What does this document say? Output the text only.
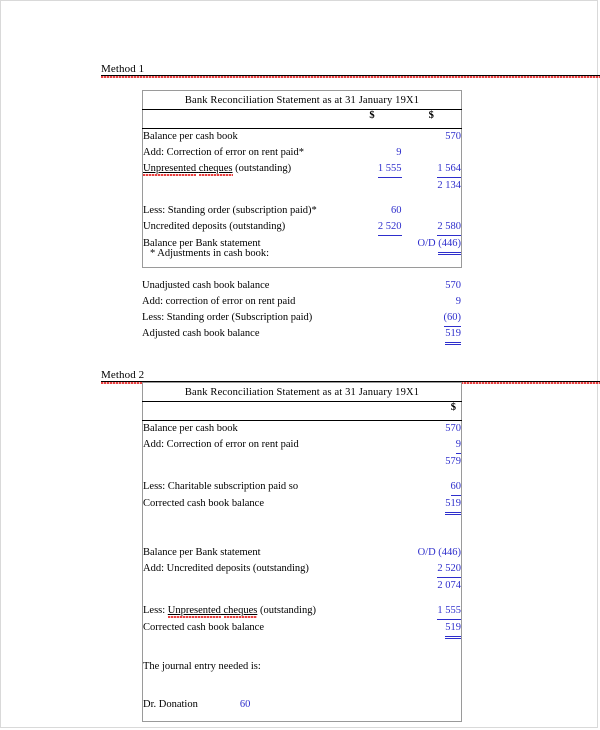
Method 1
Bank Reconciliation Statement as at 31 January 19X1		
	$	$
Balance per cash book		570
Add: Correction of error on rent paid*	9	
Unpresented cheques (outstanding)	1 555	1 564
		2 134

Less: Standing order (subscription paid)*	60	
Uncredited deposits (outstanding)	2 520	2 580
Balance per Bank statement		O/D (446)

* Adjustments in cash book:
Unadjusted cash book balance	570
Add: correction of error on rent paid	9
Less: Standing order (Subscription paid)	(60)
Adjusted cash book balance	519
Method 2
Bank Reconciliation Statement as at 31 January 19X1	
	$
Balance per cash book	570
Add: Correction of error on rent paid	9
	579

Less: Charitable subscription paid so	60
Corrected cash book balance	519

Balance per Bank statement	O/D (446)
Add: Uncredited deposits (outstanding)	2 520
	2 074

Less: Unpresented cheques (outstanding)	1 555
Corrected cash book balance	519

The journal entry needed is:	

Dr. Donation 60	
